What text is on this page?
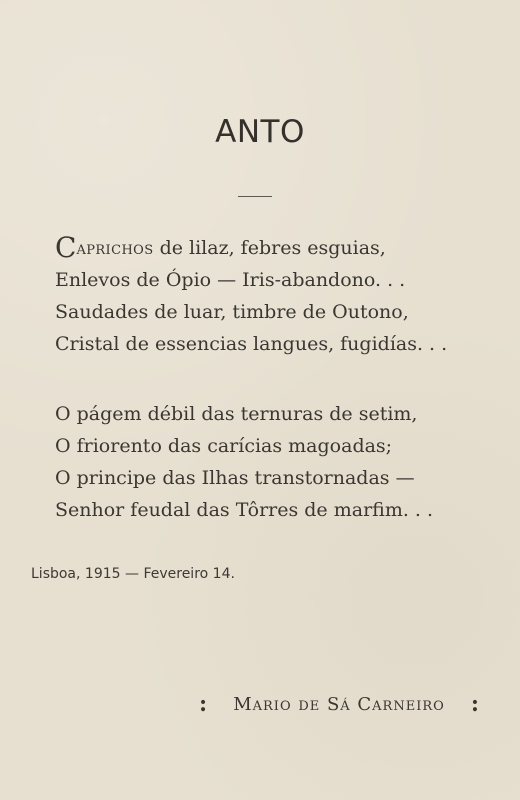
ANTO
Caprichos de lilaz, febres esguias,
Enlevos de Ópio — Iris-abandono. . .
Saudades de luar, timbre de Outono,
Cristal de essencias langues, fugidías. . .
O págem débil das ternuras de setim,
O friorento das carícias magoadas;
O principe das Ilhas transtornadas —
Senhor feudal das Tôrres de marfim. . .
Lisboa, 1915 — Fevereiro 14.
: Mario de Sá Carneiro :
